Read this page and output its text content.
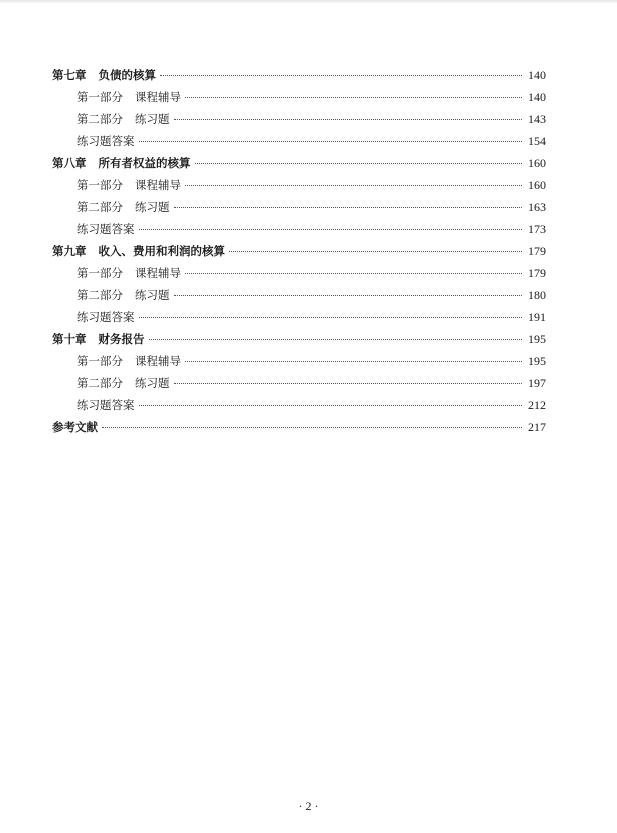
第七章 负债的核算	140
第一部分 课程辅导	140
第二部分 练习题	143
练习题答案	154
第八章 所有者权益的核算	160
第一部分 课程辅导	160
第二部分 练习题	163
练习题答案	173
第九章 收入、费用和利润的核算	179
第一部分 课程辅导	179
第二部分 练习题	180
练习题答案	191
第十章 财务报告	195
第一部分 课程辅导	195
第二部分 练习题	197
练习题答案	212
参考文献	217
· 2 ·
